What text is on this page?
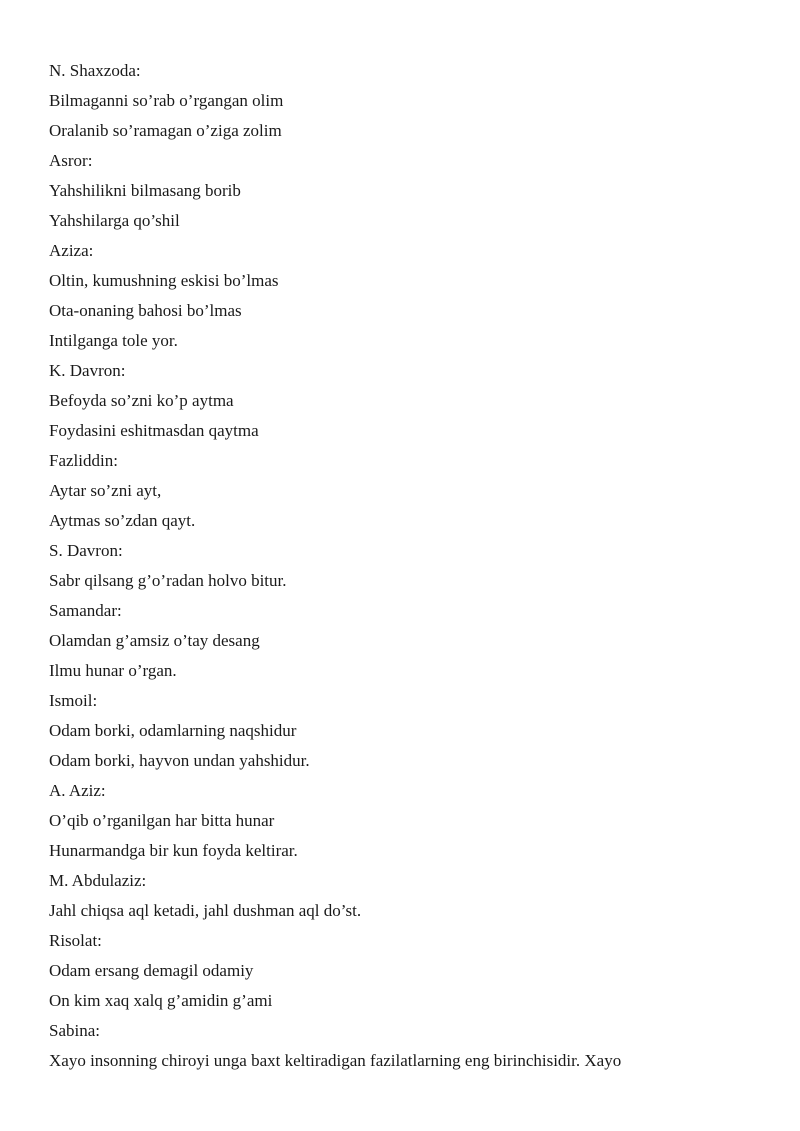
N. Shaxzoda:
Bilmaganni so’rab o’rgangan olim
Oralanib so’ramagan o’ziga zolim
Asror:
Yahshilikni bilmasang borib
Yahshilarga qo’shil
Aziza:
Oltin, kumushning eskisi bo’lmas
Ota-onaning bahosi bo’lmas
Intilganga tole yor.
K. Davron:
Befoyda so’zni ko’p aytma
Foydasini eshitmasdan qaytma
Fazliddin:
Aytar so’zni ayt,
Aytmas so’zdan qayt.
S. Davron:
Sabr qilsang g’o’radan holvo bitur.
Samandar:
Olamdan g’amsiz o’tay desang
Ilmu hunar o’rgan.
Ismoil:
Odam borki, odamlarning naqshidur
Odam borki, hayvon undan yahshidur.
A. Aziz:
O’qib o’rganilgan har bitta hunar
Hunarmandga bir kun foyda keltirar.
M. Abdulaziz:
Jahl chiqsa aql ketadi, jahl dushman aql do’st.
Risolat:
Odam ersang demagil odamiy
On kim xaq xalq g’amidin g’ami
Sabina:
Xayo insonning chiroyi unga baxt keltiradigan fazilatlarning eng birinchisidir. Xayo
